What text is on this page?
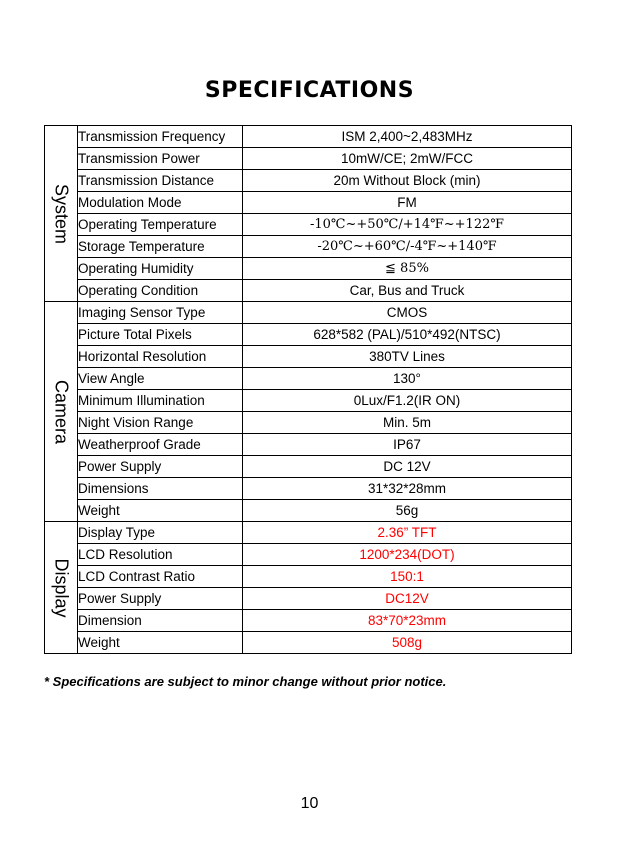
SPECIFICATIONS
System	Transmission Frequency	ISM 2,400~2,483MHz
	Transmission Power	10mW/CE; 2mW/FCC
	Transmission Distance	20m Without Block (min)
	Modulation Mode	FM
	Operating Temperature	-10℃~+50℃/+14℉~+122℉
	Storage Temperature	-20℃~+60℃/-4℉~+140℉
	Operating Humidity	≦ 85%
	Operating Condition	Car, Bus and Truck

Camera	Imaging Sensor Type	CMOS
	Picture Total Pixels	628*582 (PAL)/510*492(NTSC)
	Horizontal Resolution	380TV Lines
	View Angle	130°
	Minimum Illumination	0Lux/F1.2(IR ON)
	Night Vision Range	Min. 5m
	Weatherproof Grade	IP67
	Power Supply	DC 12V
	Dimensions	31*32*28mm
	Weight	56g

Display	Display Type	2.36” TFT
	LCD Resolution	1200*234(DOT)
	LCD Contrast Ratio	150:1
	Power Supply	DC12V
	Dimension	83*70*23mm
	Weight	508g
* Specifications are subject to minor change without prior notice.
10
